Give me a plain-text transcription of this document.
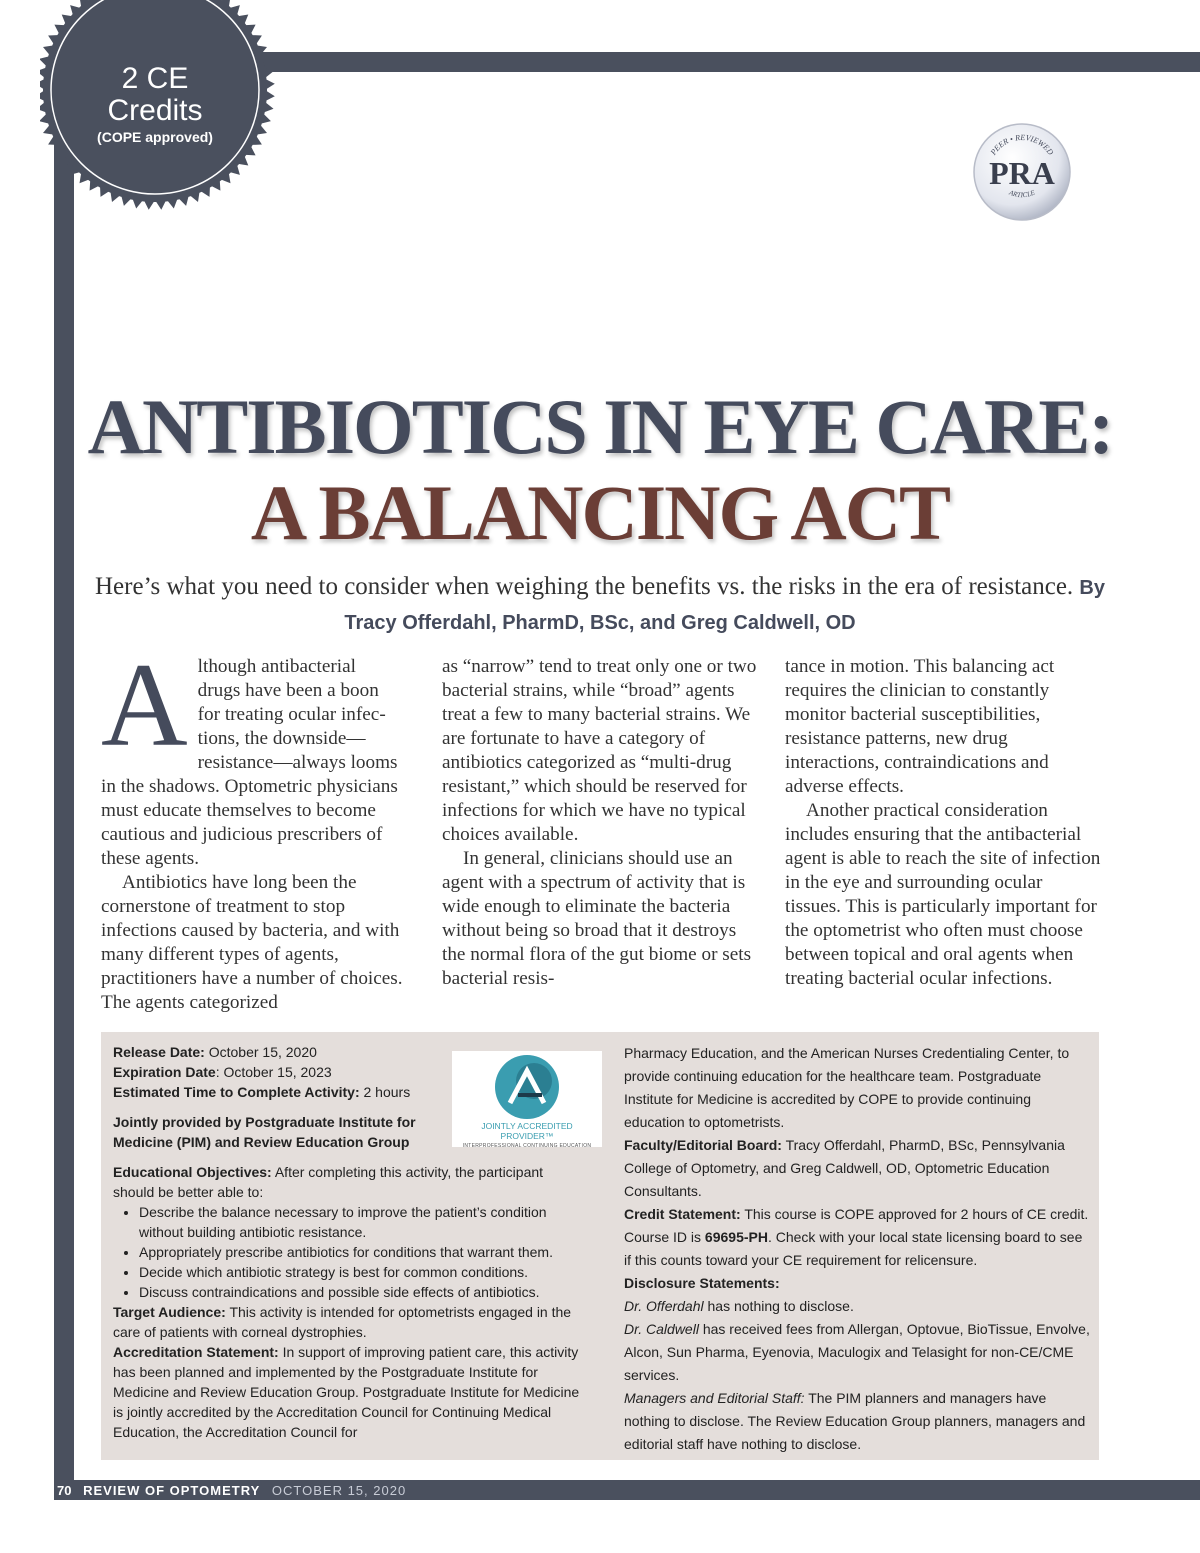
2 CE
Credits
(COPE approved)
PEER • REVIEWED
PRA
ARTICLE
ANTIBIOTICS IN EYE CARE:
A BALANCING ACT
Here’s what you need to consider when weighing the benefits vs. the risks in the era of resistance. By Tracy Offerdahl, PharmD, BSc, and Greg Caldwell, OD

A lthough antibacterial
drugs have been a boon
for treating ocular infec-
tions, the downside— resistance—always looms in the shadows. Optometric physicians must educate themselves to become cautious and judicious prescribers of these agents.

Antibiotics have long been the cornerstone of treatment to stop infections caused by bacteria, and with many different types of agents, practitioners have a number of choices. The agents categorized

as “narrow” tend to treat only one or two bacterial strains, while “broad” agents treat a few to many bacterial strains. We are fortunate to have a category of antibiotics categorized as “multi-drug resistant,” which should be reserved for infections for which we have no typical choices available.

In general, clinicians should use an agent with a spectrum of activity that is wide enough to eliminate the bacteria without being so broad that it destroys the normal flora of the gut biome or sets bacterial resis-

tance in motion. This balancing act requires the clinician to constantly monitor bacterial susceptibilities, resistance patterns, new drug interactions, contraindications and adverse effects.

Another practical consideration includes ensuring that the antibacterial agent is able to reach the site of infection in the eye and surrounding ocular tissues. This is particularly important for the optometrist who often must choose between topical and oral agents when treating bacterial ocular infections.

Release Date: October 15, 2020

Expiration Date: October 15, 2023

Estimated Time to Complete Activity: 2 hours

Jointly provided by Postgraduate Institute for Medicine (PIM) and Review Education Group

Educational Objectives: After completing this activity, the participant should be better able to:

• Describe the balance necessary to improve the patient’s condition without building antibiotic resistance.
• Appropriately prescribe antibiotics for conditions that warrant them.
• Decide which antibiotic strategy is best for common conditions.
• Discuss contraindications and possible side effects of antibiotics.

Target Audience: This activity is intended for optometrists engaged in the care of patients with corneal dystrophies.

Accreditation Statement: In support of improving patient care, this activity has been planned and implemented by the Postgraduate Institute for Medicine and Review Education Group. Postgraduate Institute for Medicine is jointly accredited by the Accreditation Council for Continuing Medical Education, the Accreditation Council for

Pharmacy Education, and the American Nurses Credentialing Center, to provide continuing education for the healthcare team. Postgraduate Institute for Medicine is accredited by COPE to provide continuing education to optometrists.

Faculty/Editorial Board: Tracy Offerdahl, PharmD, BSc, Pennsylvania College of Optometry, and Greg Caldwell, OD, Optometric Education Consultants.

Credit Statement: This course is COPE approved for 2 hours of CE credit. Course ID is 69695-PH. Check with your local state licensing board to see if this counts toward your CE requirement for relicensure.

Disclosure Statements:

Dr. Offerdahl has nothing to disclose.

Dr. Caldwell has received fees from Allergan, Optovue, BioTissue, Envolve, Alcon, Sun Pharma, Eyenovia, Maculogix and Telasight for non-CE/CME services.

Managers and Editorial Staff: The PIM planners and managers have nothing to disclose. The Review Education Group planners, managers and editorial staff have nothing to disclose.

JOINTLY ACCREDITED PROVIDER™
INTERPROFESSIONAL CONTINUING EDUCATION
70 REVIEW OF OPTOMETRY OCTOBER 15, 2020
